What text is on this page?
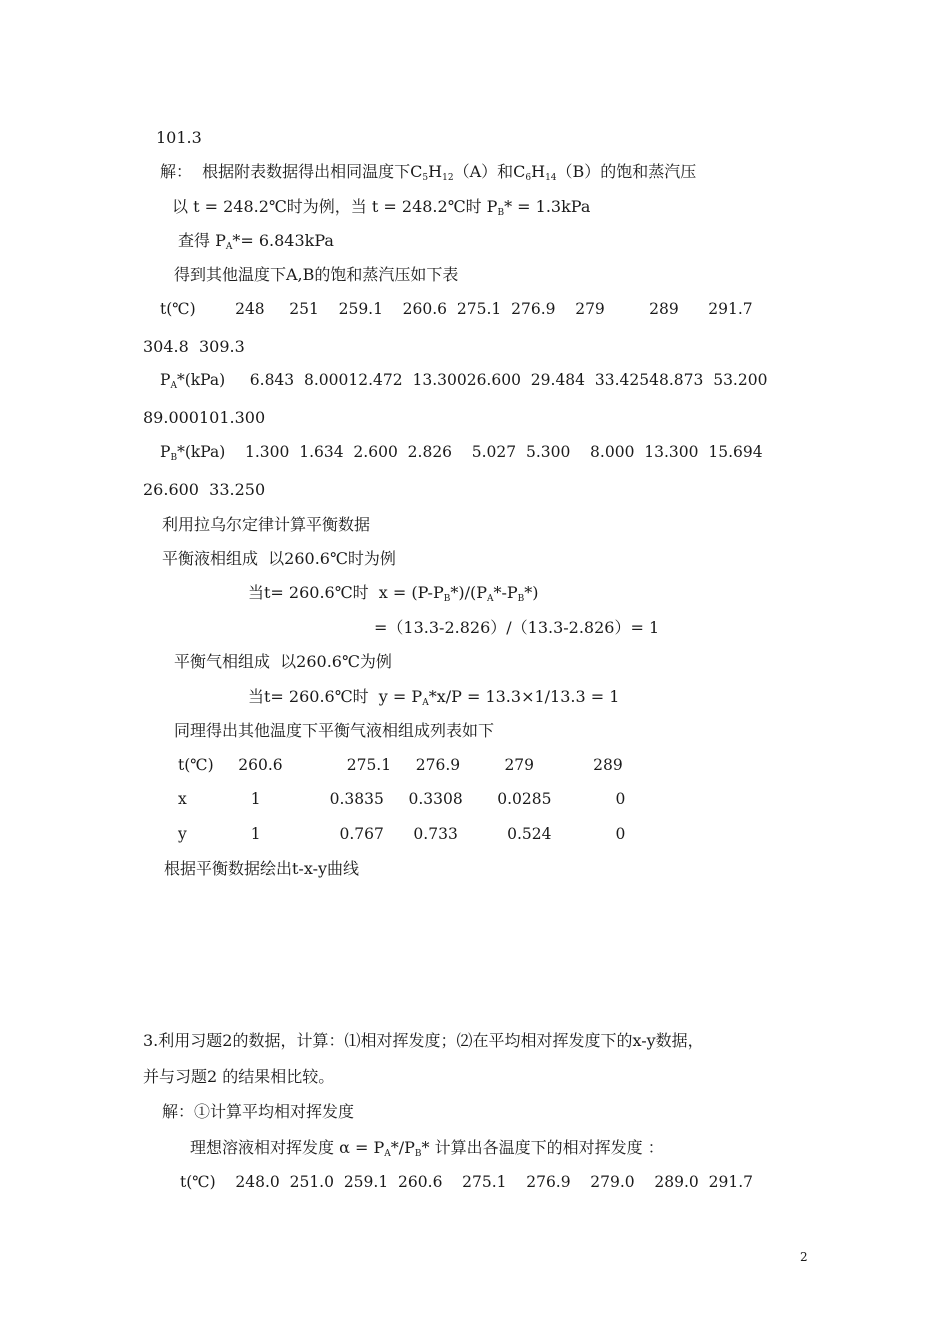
101.3
解：  根据附表数据得出相同温度下$C_5H_{12}(A)$和$C_6H_{14}(B)$的饱和蒸汽压
以 t = 248.2℃时为例，当 t = 248.2℃时 $P_B* = 1.3kPa$
查得 $P_A*= 6.843kPa$
得到其他温度下A,B的饱和蒸汽压如下表
t(℃)        248     251    259.1    260.6  275.1  276.9    279         289      291.7
304.8  309.3
$P_A*(kPa)$     6.843  8.00012.472  13.30026.600  29.484  33.42548.873  53.200
89.000101.300
$P_B*(kPa)$    1.300  1.634  2.600  2.826    5.027  5.300    8.000  13.300  15.694
26.600  33.250
利用拉乌尔定律计算平衡数据
平衡液相组成  以260.6℃时为例
当t= 260.6℃时  $x = (P-P_B*)/(P_A*-P_B*)$
=（13.3-2.826）/（13.3-2.826）= 1
平衡气相组成  以260.6℃为例
当t= 260.6℃时  $y = P_A*x/P = 13.3\times 1/13.3 = 1$
同理得出其他温度下平衡气液相组成列表如下
t(℃)     260.6             275.1     276.9         279            289
x             1              0.3835     0.3308       0.0285             0
y             1                0.767      0.733          0.524             0
根据平衡数据绘出t-x-y曲线
3.利用习题2的数据，计算：⑴相对挥发度；⑵在平均相对挥发度下的x-y数据，
并与习题2 的结果相比较。
解：①计算平均相对挥发度
理想溶液相对挥发度 $\alpha = P_A*/P_B*$ 计算出各温度下的相对挥发度 ：
t(℃)    248.0  251.0  259.1  260.6    275.1    276.9    279.0    289.0  291.7
2
